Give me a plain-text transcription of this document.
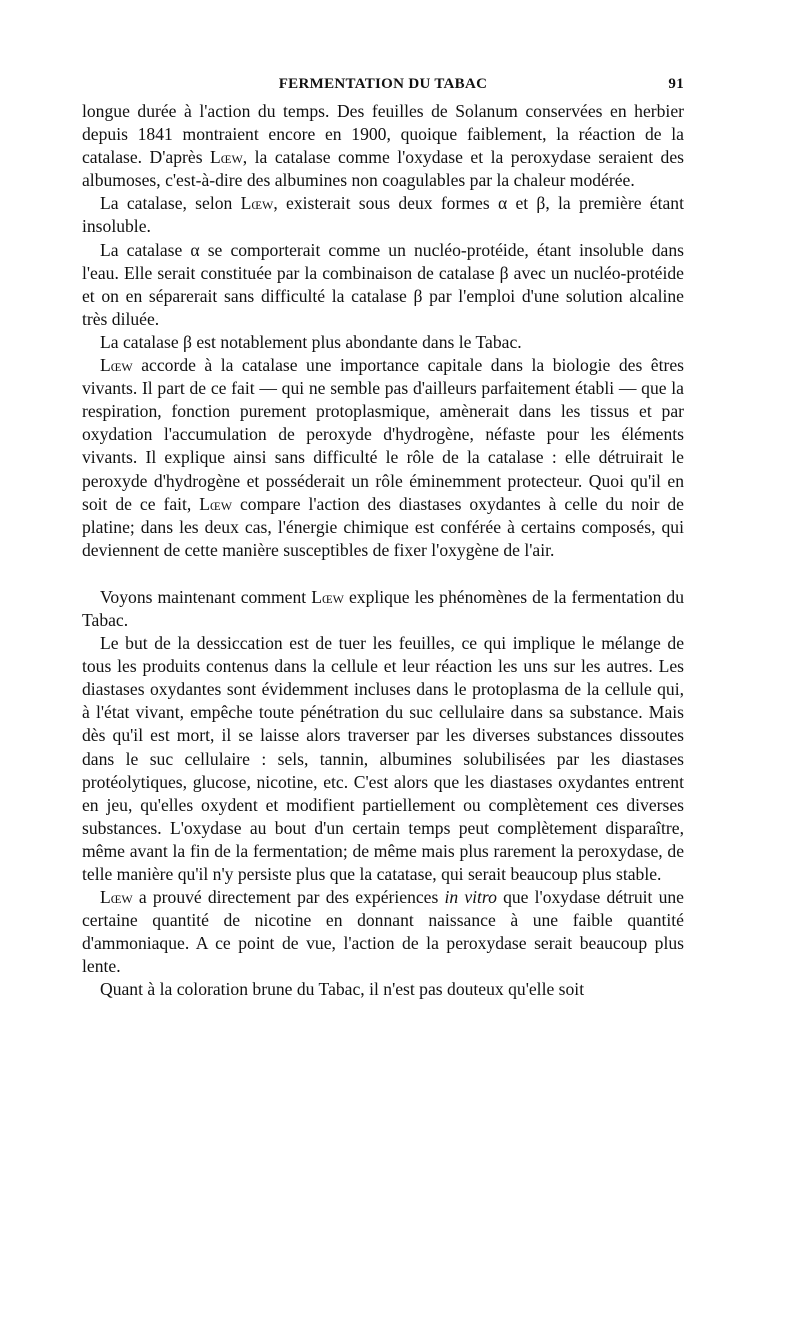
FERMENTATION DU TABAC	91

longue durée à l'action du temps. Des feuilles de Solanum conservées en herbier depuis 1841 montraient encore en 1900, quoique faiblement, la réaction de la catalase. D'après Lœw, la catalase comme l'oxydase et la peroxydase seraient des albumoses, c'est-à-dire des albumines non coagulables par la chaleur modérée.

La catalase, selon Lœw, existerait sous deux formes α et β, la première étant insoluble.

La catalase α se comporterait comme un nucléo-protéide, étant insoluble dans l'eau. Elle serait constituée par la combinaison de catalase β avec un nucléo-protéide et on en séparerait sans difficulté la catalase β par l'emploi d'une solution alcaline très diluée.

La catalase β est notablement plus abondante dans le Tabac.

Lœw accorde à la catalase une importance capitale dans la biologie des êtres vivants. Il part de ce fait — qui ne semble pas d'ailleurs parfaitement établi — que la respiration, fonction purement protoplasmique, amènerait dans les tissus et par oxydation l'accumulation de peroxyde d'hydrogène, néfaste pour les éléments vivants. Il explique ainsi sans difficulté le rôle de la catalase : elle détruirait le peroxyde d'hydrogène et posséderait un rôle éminemment protecteur. Quoi qu'il en soit de ce fait, Lœw compare l'action des diastases oxydantes à celle du noir de platine; dans les deux cas, l'énergie chimique est conférée à certains composés, qui deviennent de cette manière susceptibles de fixer l'oxygène de l'air.

Voyons maintenant comment Lœw explique les phénomènes de la fermentation du Tabac.

Le but de la dessiccation est de tuer les feuilles, ce qui implique le mélange de tous les produits contenus dans la cellule et leur réaction les uns sur les autres. Les diastases oxydantes sont évidemment incluses dans le protoplasma de la cellule qui, à l'état vivant, empêche toute pénétration du suc cellulaire dans sa substance. Mais dès qu'il est mort, il se laisse alors traverser par les diverses substances dissoutes dans le suc cellulaire : sels, tannin, albumines solubilisées par les diastases protéolytiques, glucose, nicotine, etc. C'est alors que les diastases oxydantes entrent en jeu, qu'elles oxydent et modifient partiellement ou complètement ces diverses substances. L'oxydase au bout d'un certain temps peut complètement disparaître, même avant la fin de la fermentation; de même mais plus rarement la peroxydase, de telle manière qu'il n'y persiste plus que la catatase, qui serait beaucoup plus stable.

Lœw a prouvé directement par des expériences in vitro que l'oxydase détruit une certaine quantité de nicotine en donnant naissance à une faible quantité d'ammoniaque. A ce point de vue, l'action de la peroxydase serait beaucoup plus lente.

Quant à la coloration brune du Tabac, il n'est pas douteux qu'elle soit
